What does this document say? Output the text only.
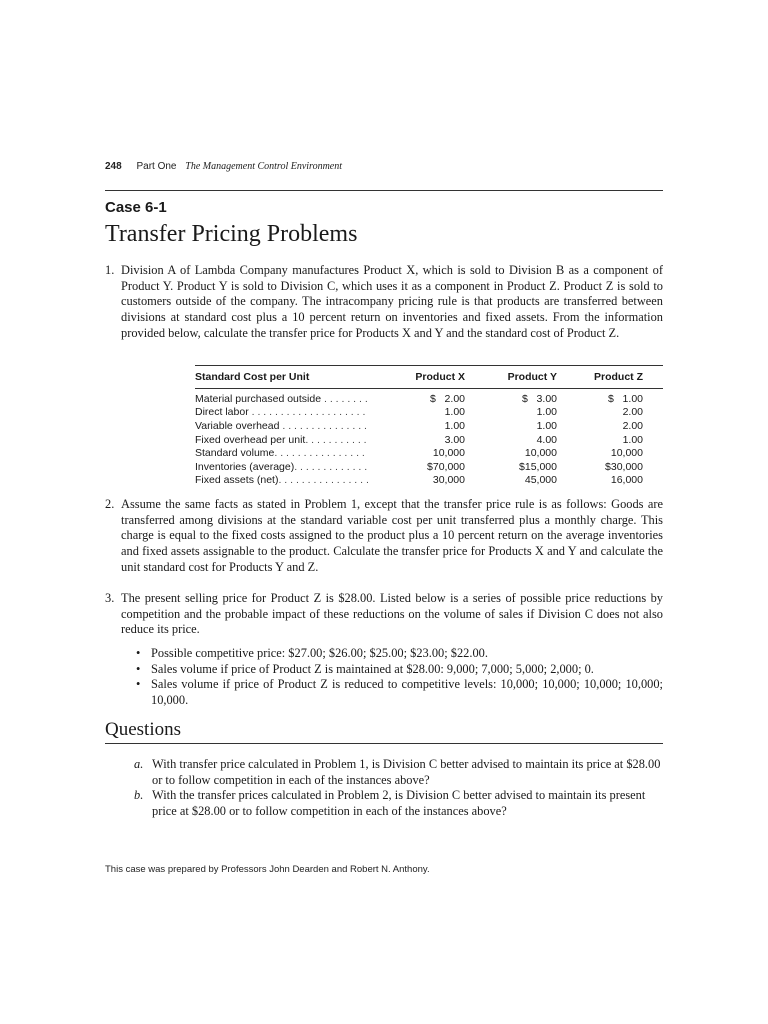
248 Part One The Management Control Environment
Case 6-1
Transfer Pricing Problems
1. Division A of Lambda Company manufactures Product X, which is sold to Division B as a component of Product Y. Product Y is sold to Division C, which uses it as a component in Product Z. Product Z is sold to customers outside of the company. The intracompany pricing rule is that products are transferred between divisions at standard cost plus a 10 percent return on inventories and fixed assets. From the information provided below, calculate the transfer price for Products X and Y and the standard cost of Product Z.
Standard Cost per Unit	Product X	Product Y	Product Z
Material purchased outside . . . . . . . .	$   2.00	$   3.00	$   1.00
Direct labor . . . . . . . . . . . . . . . . . . . .	1.00	1.00	2.00
Variable overhead . . . . . . . . . . . . . . .	1.00	1.00	2.00
Fixed overhead per unit. . . . . . . . . . .	3.00	4.00	1.00
Standard volume. . . . . . . . . . . . . . . .	10,000	10,000	10,000
Inventories (average). . . . . . . . . . . . .	$70,000	$15,000	$30,000
Fixed assets (net). . . . . . . . . . . . . . . .	30,000	45,000	16,000
2. Assume the same facts as stated in Problem 1, except that the transfer price rule is as follows: Goods are transferred among divisions at the standard variable cost per unit transferred plus a monthly charge. This charge is equal to the fixed costs assigned to the product plus a 10 percent return on the average inventories and fixed assets assignable to the product. Calculate the transfer price for Products X and Y and calculate the unit standard cost for Products Y and Z.
3. The present selling price for Product Z is $28.00. Listed below is a series of possible price reductions by competition and the probable impact of these reductions on the volume of sales if Division C does not also reduce its price.
• Possible competitive price: $27.00; $26.00; $25.00; $23.00; $22.00.
• Sales volume if price of Product Z is maintained at $28.00: 9,000; 7,000; 5,000; 2,000; 0.
• Sales volume if price of Product Z is reduced to competitive levels: 10,000; 10,000; 10,000; 10,000; 10,000.
Questions
a. With transfer price calculated in Problem 1, is Division C better advised to maintain its price at $28.00 or to follow competition in each of the instances above?
b. With the transfer prices calculated in Problem 2, is Division C better advised to maintain its present price at $28.00 or to follow competition in each of the instances above?
This case was prepared by Professors John Dearden and Robert N. Anthony.
